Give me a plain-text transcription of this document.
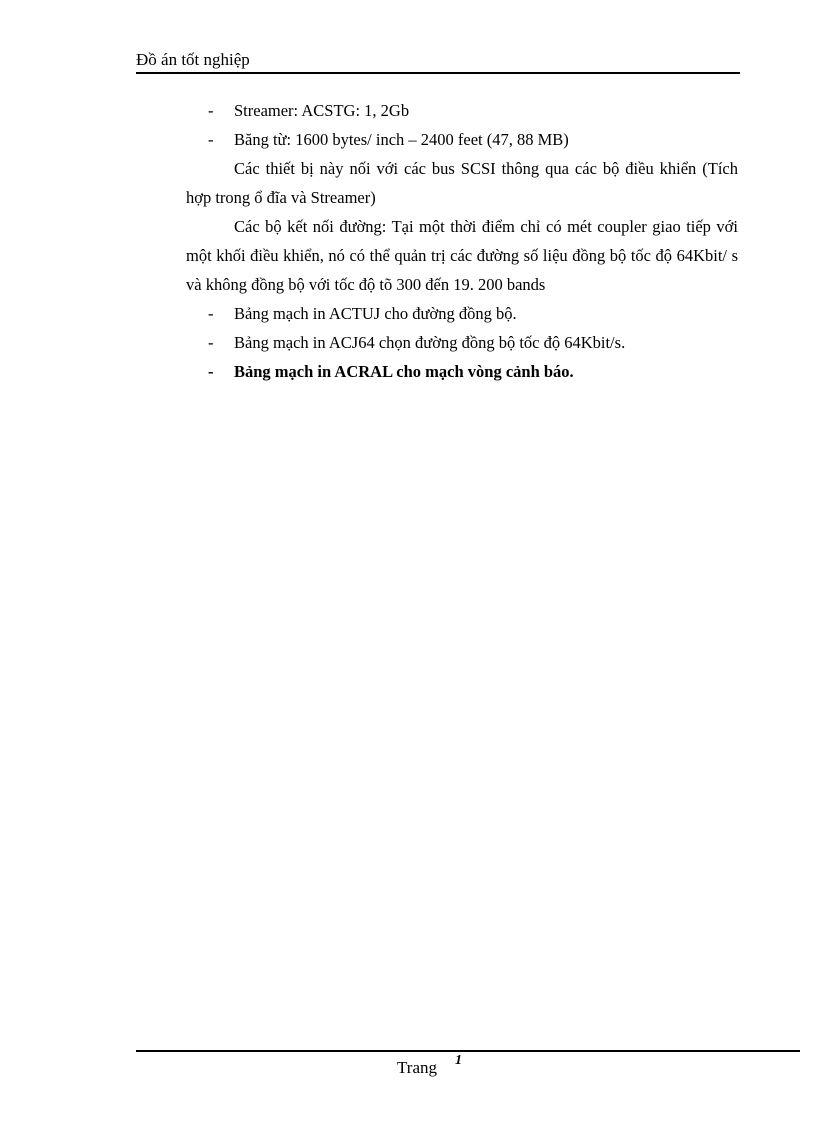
Đồ án tốt nghiệp
- Streamer: ACSTG: 1, 2Gb
- Băng từ: 1600 bytes/ inch – 2400 feet (47, 88 MB)
Các thiết bị này nối với các bus SCSI thông qua các bộ điều khiển (Tích hợp trong ổ đĩa và Streamer)
Các bộ kết nối đường: Tại một thời điểm chỉ có mét coupler giao tiếp với một khối điều khiển, nó có thể quản trị các đường số liệu đồng bộ tốc độ 64Kbit/ s và không đồng bộ với tốc độ tõ 300 đến 19. 200 bands
- Bảng mạch in ACTUJ cho đường đồng bộ.
- Bảng mạch in ACJ64 chọn đường đồng bộ tốc độ 64Kbit/s.
- Bảng mạch in ACRAL cho mạch vòng cảnh báo.
Trang 1
